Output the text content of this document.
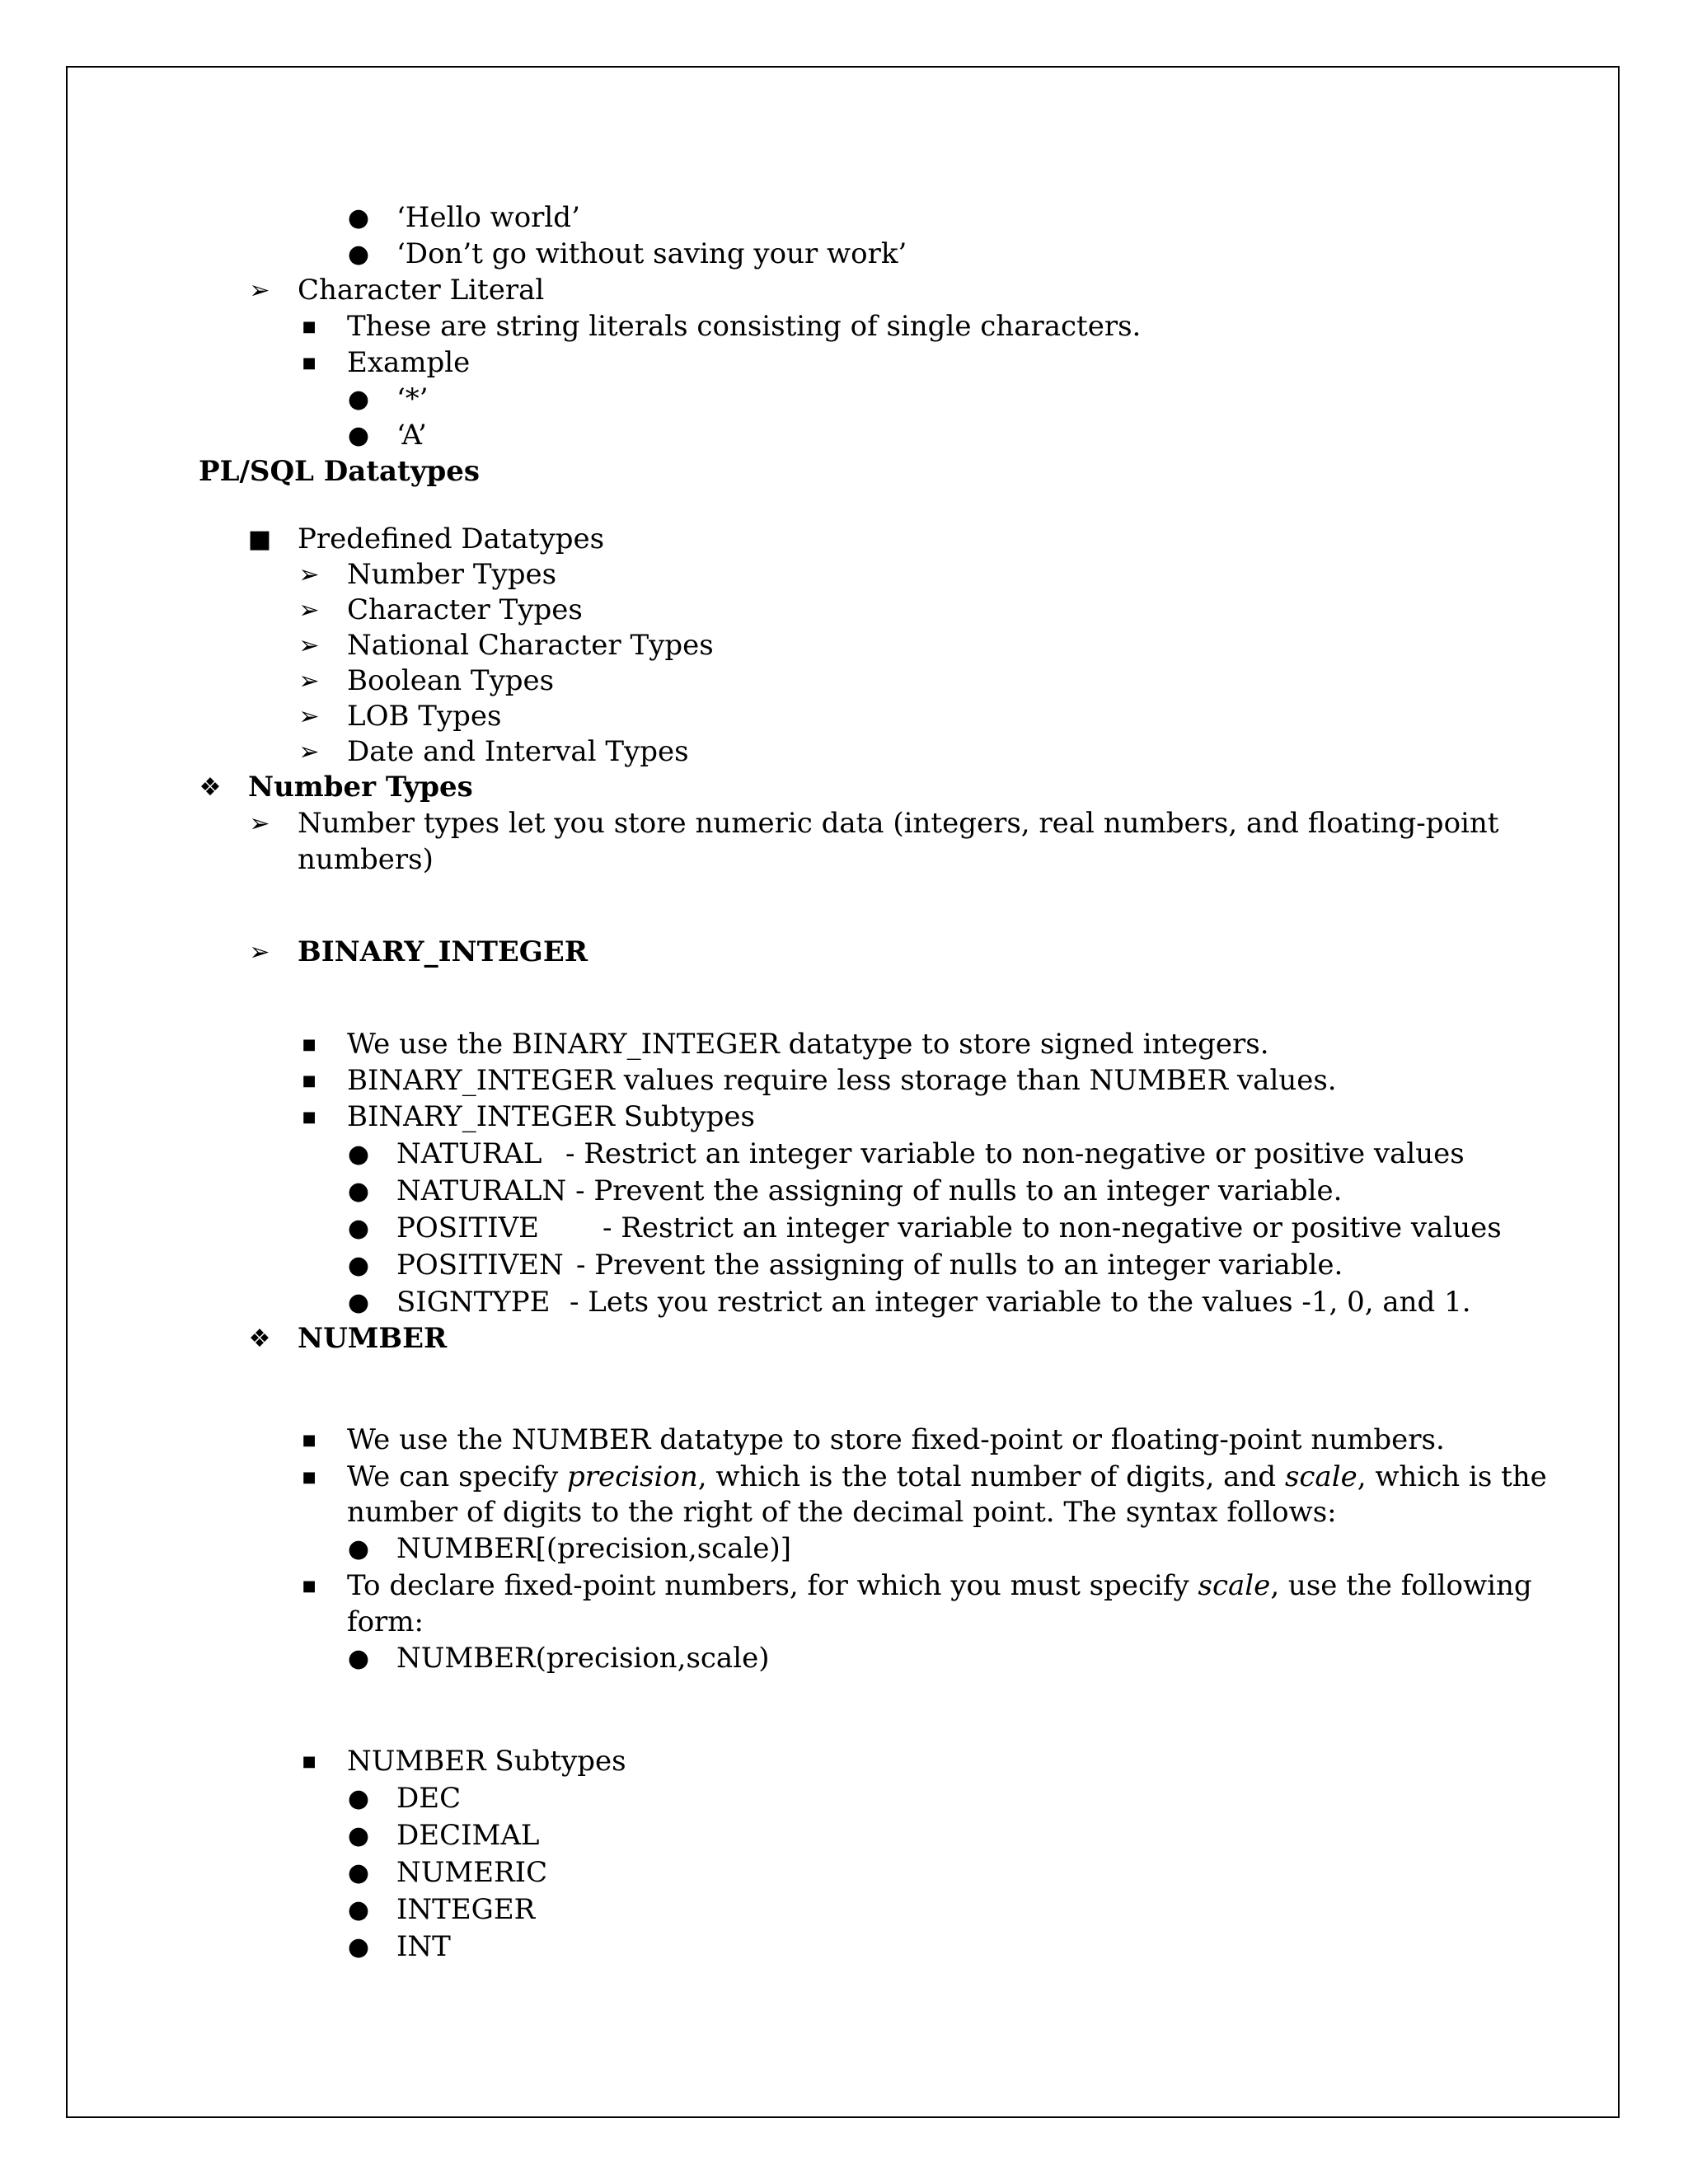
● ‘Hello world’
● ‘Don’t go without saving your work’
➢ Character Literal
■	These are string literals consisting of single characters.
■	Example
● ‘*’
● ‘A’
PL/SQL Datatypes
■ Predefined Datatypes
➢ Number Types
➢ Character Types
➢ National Character Types
➢ Boolean Types
➢ LOB Types
➢ Date and Interval Types
❖ Number Types
➢ Number types let you store numeric data (integers, real numbers, and floating-point
numbers)
➢ BINARY_INTEGER
■	We use the BINARY_INTEGER datatype to store signed integers.
■	BINARY_INTEGER values require less storage than NUMBER values.
■	BINARY_INTEGER Subtypes
● NATURAL - Restrict an integer variable to non-negative or positive values
● NATURALN - Prevent the assigning of nulls to an integer variable.
● POSITIVE - Restrict an integer variable to non-negative or positive values
● POSITIVEN - Prevent the assigning of nulls to an integer variable.
● SIGNTYPE - Lets you restrict an integer variable to the values -1, 0, and 1.
❖ NUMBER
■	We use the NUMBER datatype to store fixed-point or floating-point numbers.
■	We can specify precision, which is the total number of digits, and scale, which is the
number of digits to the right of the decimal point. The syntax follows:
● NUMBER[(precision,scale)]
■	To declare fixed-point numbers, for which you must specify scale, use the following
form:
● NUMBER(precision,scale)
■	NUMBER Subtypes
● DEC
● DECIMAL
● NUMERIC
● INTEGER
● INT
